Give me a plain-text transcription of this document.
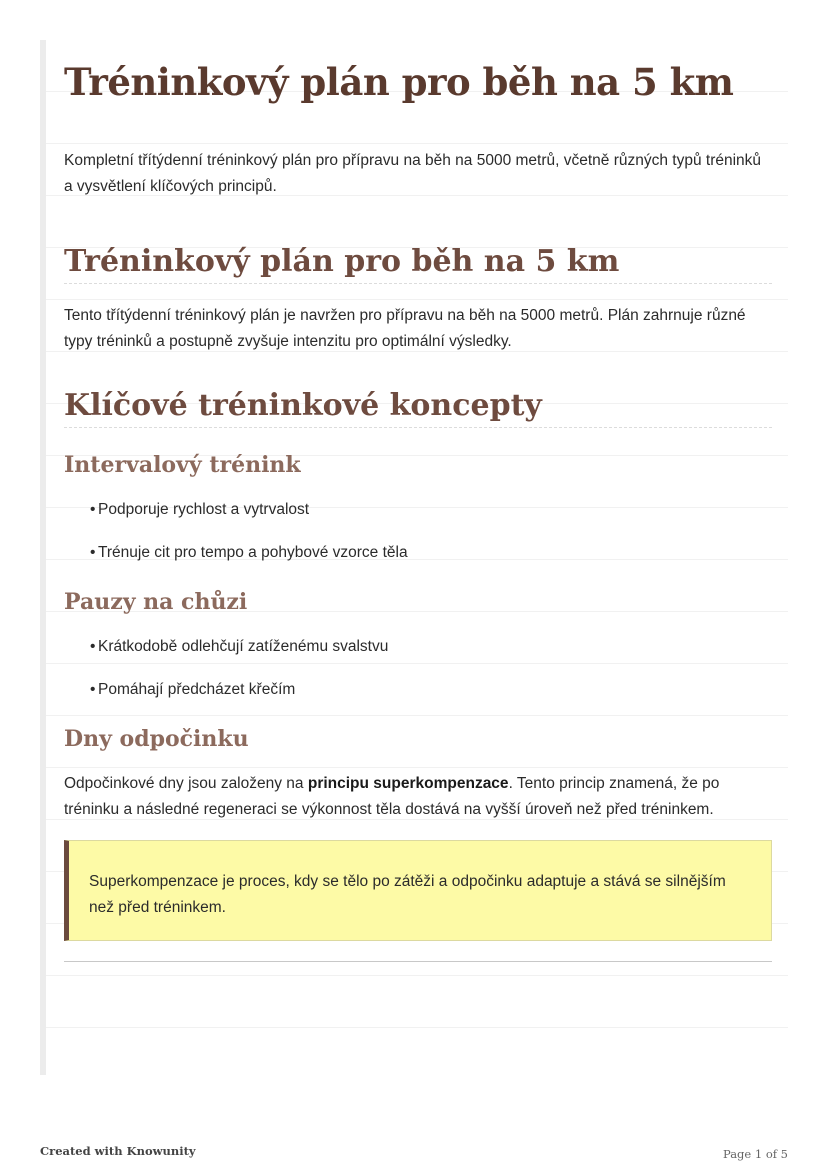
Tréninkový plán pro běh na 5 km

Kompletní třítýdenní tréninkový plán pro přípravu na běh na 5000 metrů, včetně různých typů tréninků a vysvětlení klíčových principů.

Tréninkový plán pro běh na 5 km

Tento třítýdenní tréninkový plán je navržen pro přípravu na běh na 5000 metrů. Plán zahrnuje různé typy tréninků a postupně zvyšuje intenzitu pro optimální výsledky.

Klíčové tréninkové koncepty
Intervalový trénink
• Podporuje rychlost a vytrvalost
• Trénuje cit pro tempo a pohybové vzorce těla
Pauzy na chůzi
• Krátkodobě odlehčují zatíženému svalstvu
• Pomáhají předcházet křečím
Dny odpočinku

Odpočinkové dny jsou založeny na principu superkompenzace. Tento princip znamená, že po tréninku a následné regeneraci se výkonnost těla dostává na vyšší úroveň než před tréninkem.

Superkompenzace je proces, kdy se tělo po zátěži a odpočinku adaptuje a stává se silnějším než před tréninkem.

Created with Knowunity	Page 1 of 5
